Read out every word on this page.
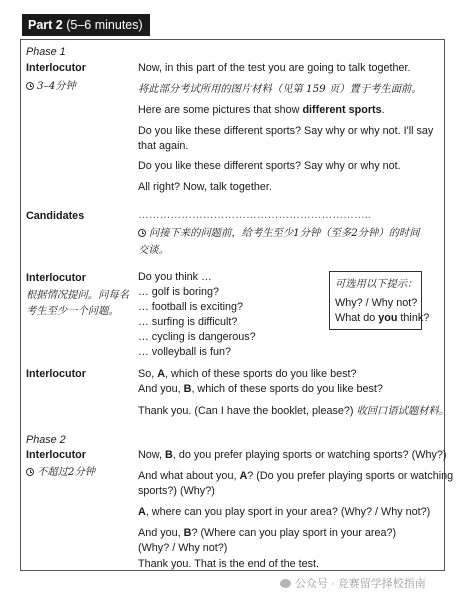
Part 2 (5–6 minutes)
Phase 1
Interlocutor
3–4分钟
Now, in this part of the test you are going to talk together.
将此部分考试所用的图片材料（见第 159 页）置于考生面前。
Here are some pictures that show different sports.
Do you like these different sports? Say why or why not. I'll say
that again.
Do you like these different sports? Say why or why not.
All right? Now, talk together.
Candidates	………………………………………………………..
问接下来的问题前，给考生至少1分钟（至多2分钟）的时间
交谈。
Interlocutor
根据情况提问。问每名
考生至少一个问题。
Do you think …
… golf is boring?
… football is exciting?
… surfing is difficult?
… cycling is dangerous?
… volleyball is fun?
可选用以下提示：
Why? / Why not?
What do you think?
Interlocutor	So, A, which of these sports do you like best?
And you, B, which of these sports do you like best?
Thank you. (Can I have the booklet, please?) 收回口语试题材料。
Phase 2
Interlocutor
不超过2分钟
Now, B, do you prefer playing sports or watching sports? (Why?)
And what about you, A? (Do you prefer playing sports or watching
sports?) (Why?)
A, where can you play sport in your area? (Why? / Why not?)
And you, B? (Where can you play sport in your area?)
(Why? / Why not?)
Thank you. That is the end of the test.
公众号 · 竞赛留学择校指南
